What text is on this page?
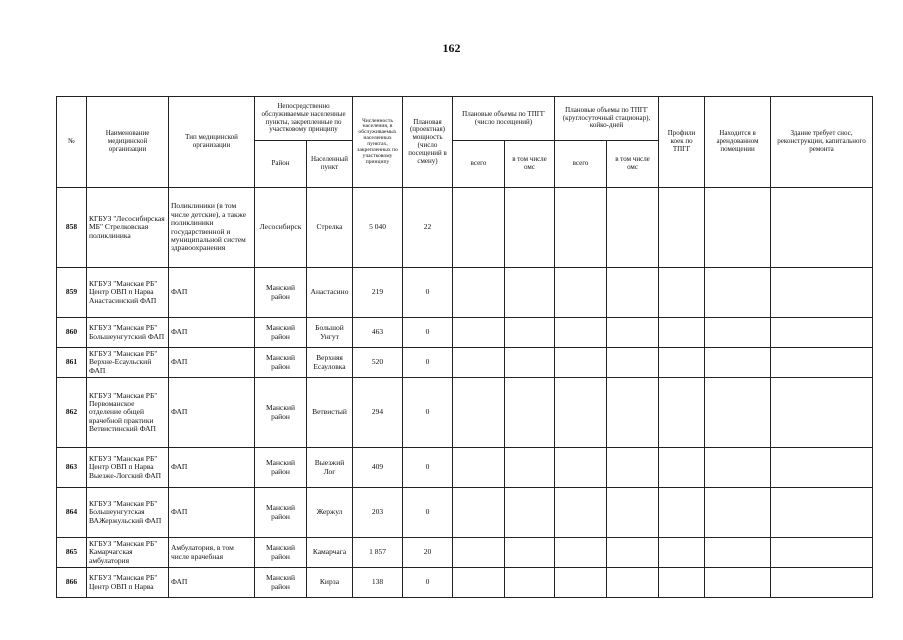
162
№	Наименование медицинской организации	Тип медицинской организации	Непосредственно обслуживаемые населенные пункты, закрепленные по участковому принципу		Численность населения, в обслуживаемых населенных пунктах, закрепленных по участковому принципу	Плановая (проектная) мощность (число посещений в смену)	Плановые объемы по ТПГГ (число посещений)		Плановые объемы по ТПГГ (круглосуточный стационар), койко-дней		Профили коек по ТПГГ	Находится в арендованном помещении	Здание требует снос, реконструкции, капитального ремонта
			Район	Населенный пункт			всего	в том числе омс	всего	в том числе омс			
858	КГБУЗ "Лесосибирская МБ" Стрелковская поликлиника	Поликлиники (в том числе детские), а также поликлиники государственной и муниципальной систем здравоохранения	Лесосибирск	Стрелка	5 040	22							
859	КГБУЗ "Манская РБ" Центр ОВП п Нарва Анастасинский ФАП	ФАП	Манский район	Анастасино	219	0							
860	КГБУЗ "Манская РБ" Большеунгутский ФАП	ФАП	Манский район	Большой Унгут	463	0							
861	КГБУЗ "Манская РБ" Верхне-Есаульский ФАП	ФАП	Манский район	Верхняя Есауловка	520	0							
862	КГБУЗ "Манская РБ" Первоманское отделение общей врачебной практики Ветвистинский ФАП	ФАП	Манский район	Ветвистый	294	0							
863	КГБУЗ "Манская РБ" Центр ОВП п Нарва Выезже-Логский ФАП	ФАП	Манский район	Выезжий Лог	409	0							
864	КГБУЗ "Манская РБ" Большеунгутская ВАЖержульский ФАП	ФАП	Манский район	Жержул	203	0							
865	КГБУЗ "Манская РБ" Камарчагская амбулатория	Амбулатория, в том числе врачебная	Манский район	Камарчага	1 857	20							
866	КГБУЗ "Манская РБ" Центр ОВП п Нарва	ФАП	Манский район	Кирза	138	0							
